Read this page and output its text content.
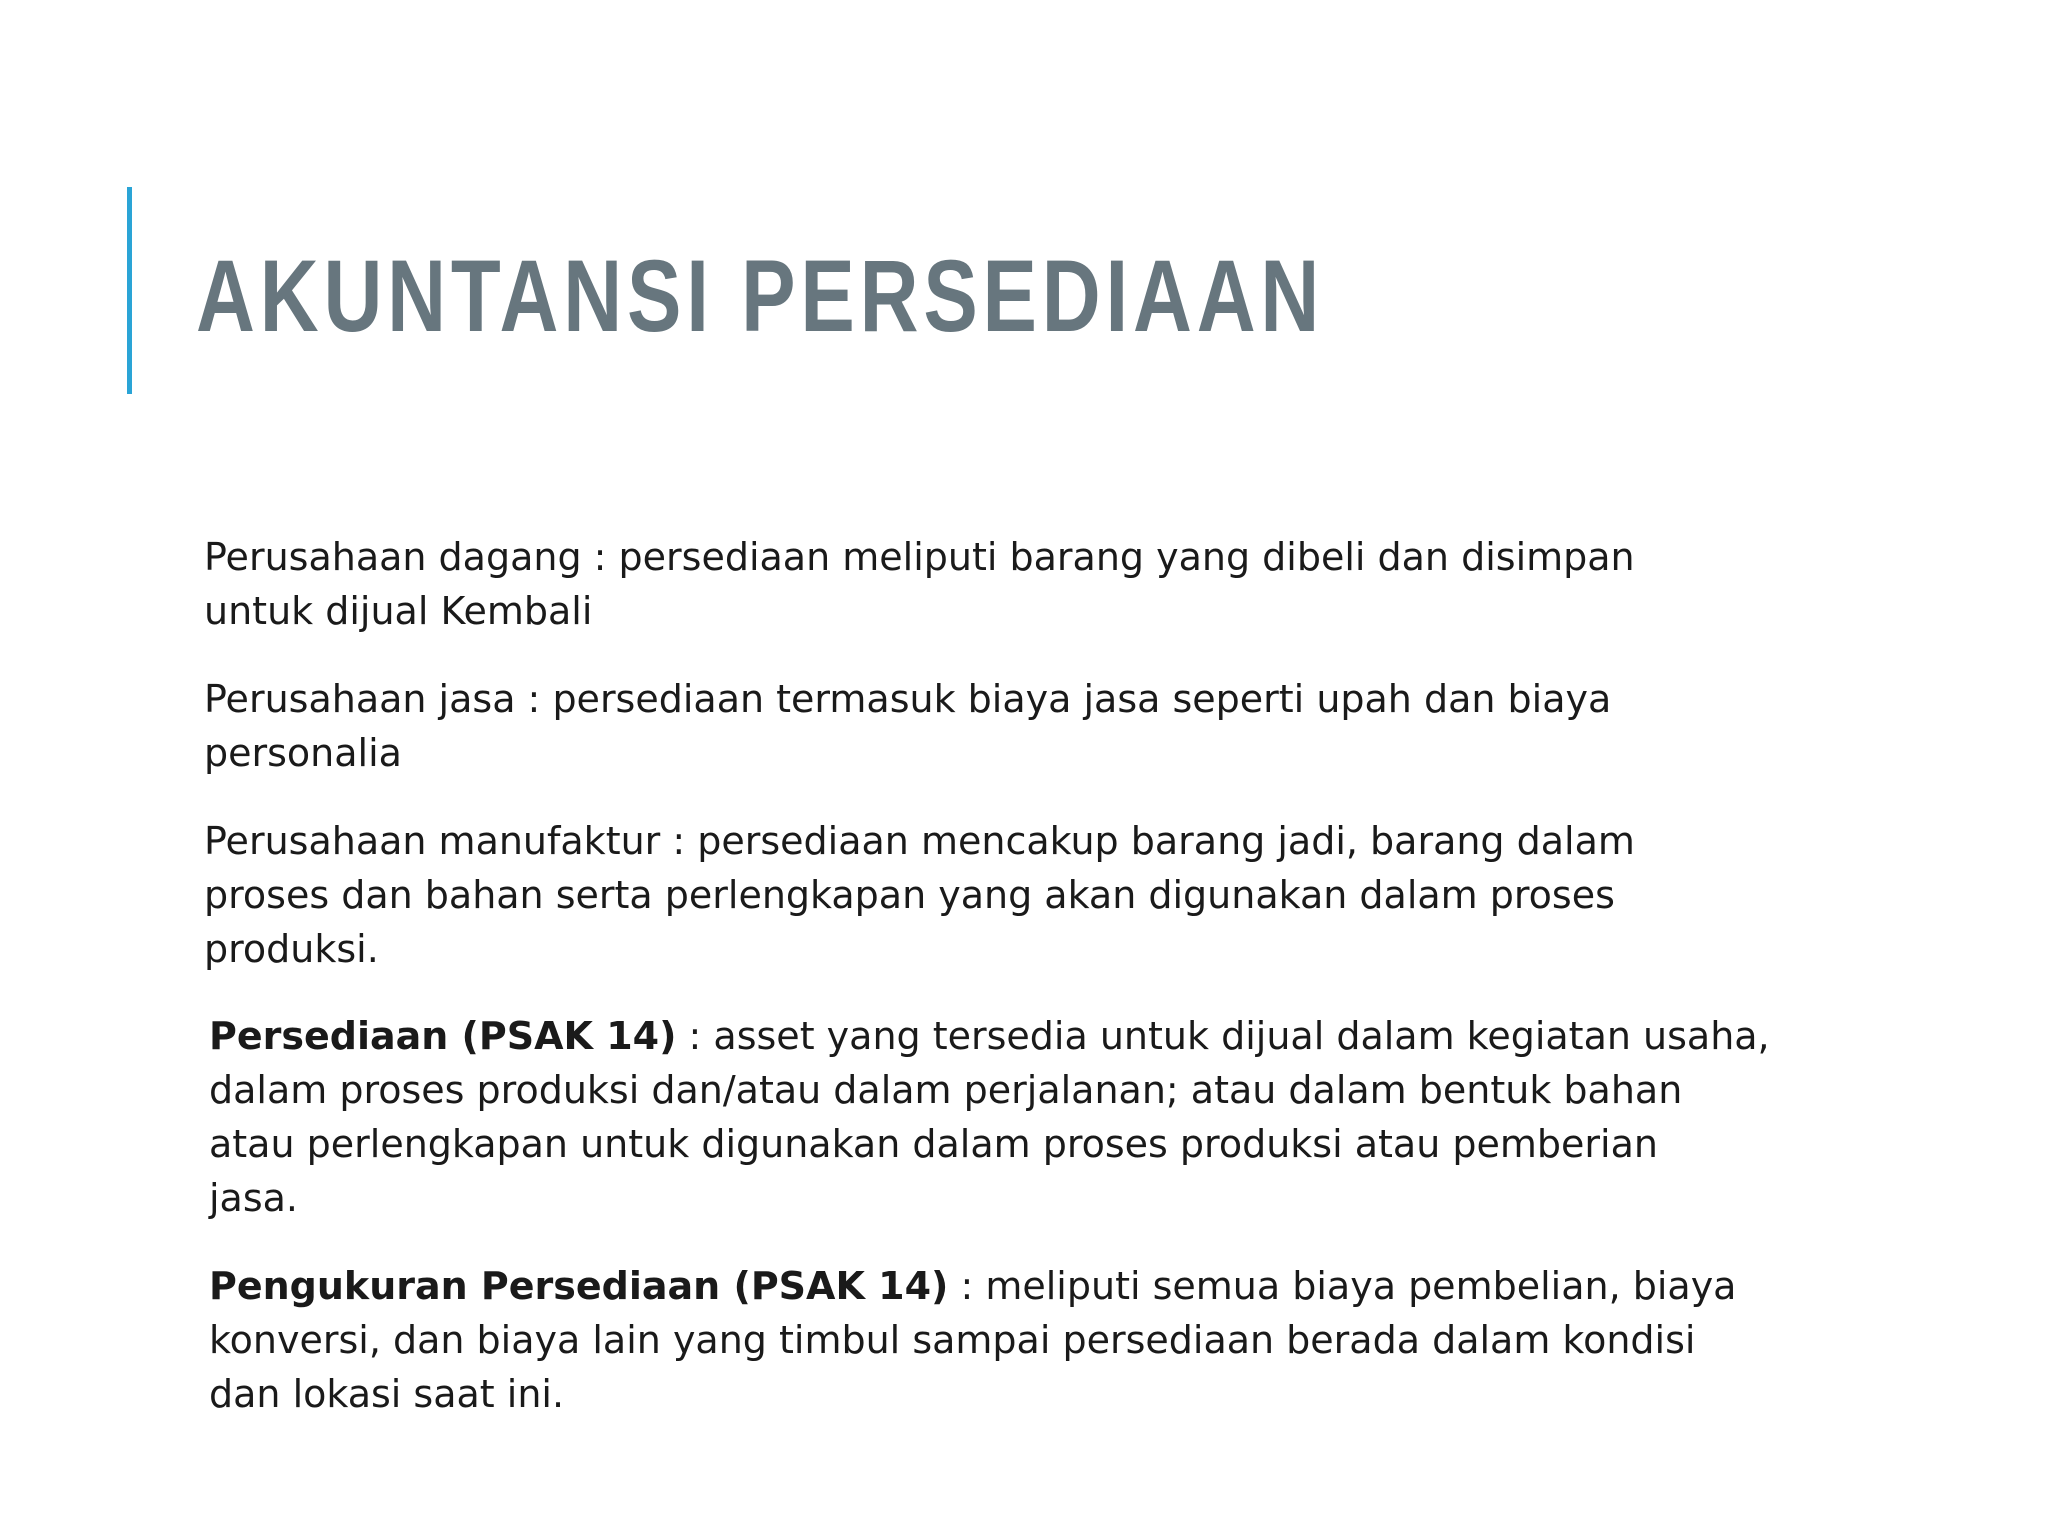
AKUNTANSI PERSEDIAAN

Perusahaan dagang : persediaan meliputi barang yang dibeli dan disimpan
untuk dijual Kembali

Perusahaan jasa : persediaan termasuk biaya jasa seperti upah dan biaya
personalia

Perusahaan manufaktur : persediaan mencakup barang jadi, barang dalam
proses dan bahan serta perlengkapan yang akan digunakan dalam proses
produksi.

Persediaan (PSAK 14) : asset yang tersedia untuk dijual dalam kegiatan usaha,
dalam proses produksi dan/atau dalam perjalanan; atau dalam bentuk bahan
atau perlengkapan untuk digunakan dalam proses produksi atau pemberian
jasa.

Pengukuran Persediaan (PSAK 14) : meliputi semua biaya pembelian, biaya
konversi, dan biaya lain yang timbul sampai persediaan berada dalam kondisi
dan lokasi saat ini.
